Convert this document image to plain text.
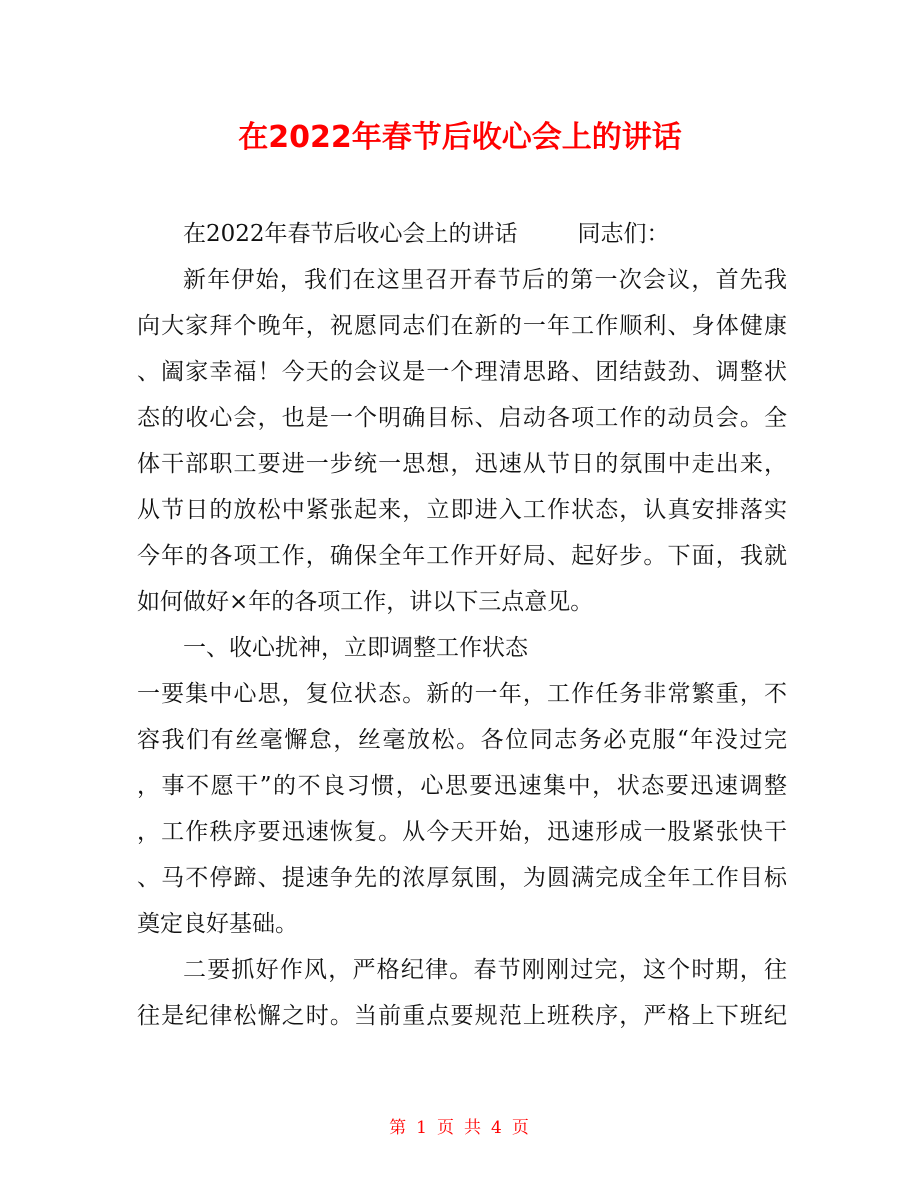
在2022年春节后收心会上的讲话
在2022年春节后收心会上的讲话	同志们：
新年伊始，我们在这里召开春节后的第一次会议，首先我
向大家拜个晚年，祝愿同志们在新的一年工作顺利、身体健康
、阖家幸福！今天的会议是一个理清思路、团结鼓劲、调整状
态的收心会，也是一个明确目标、启动各项工作的动员会。全
体干部职工要进一步统一思想，迅速从节日的氛围中走出来，
从节日的放松中紧张起来，立即进入工作状态，认真安排落实
今年的各项工作，确保全年工作开好局、起好步。下面，我就
如何做好×年的各项工作，讲以下三点意见。
一、收心扰神，立即调整工作状态
一要集中心思，复位状态。新的一年，工作任务非常繁重，不
容我们有丝毫懈怠，丝毫放松。各位同志务必克服“年没过完
，事不愿干”的不良习惯，心思要迅速集中，状态要迅速调整
，工作秩序要迅速恢复。从今天开始，迅速形成一股紧张快干
、马不停蹄、提速争先的浓厚氛围，为圆满完成全年工作目标
奠定良好基础。
二要抓好作风，严格纪律。春节刚刚过完，这个时期，往
往是纪律松懈之时。当前重点要规范上班秩序，严格上下班纪
第 1 页 共 4 页
